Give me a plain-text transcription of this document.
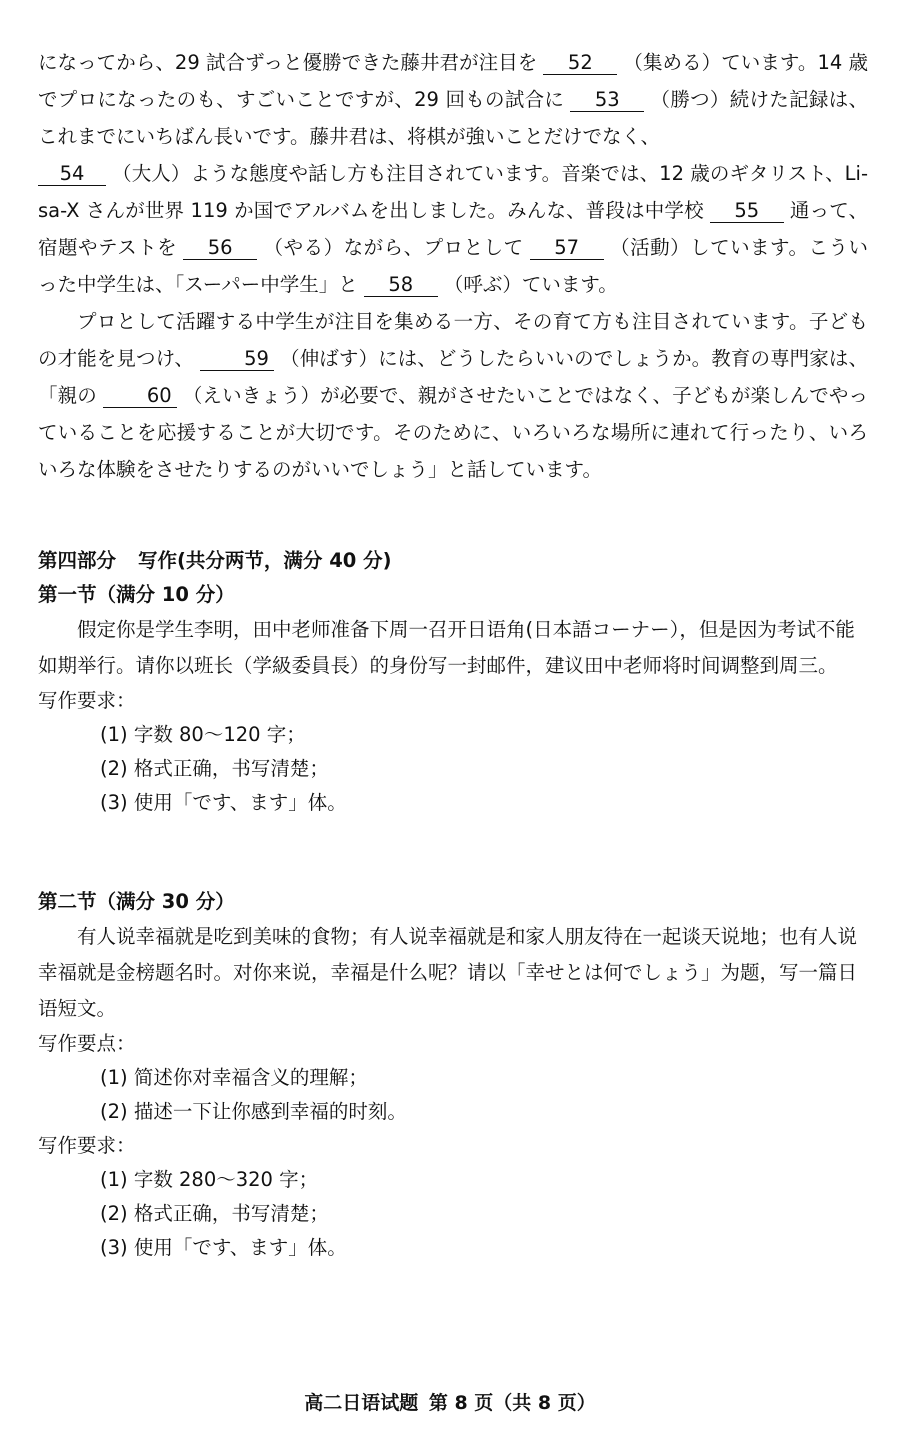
になってから、29 試合ずっと優勝できた藤井君が注目を 52 （集める）ています。14 歳でプロになったのも、すごいことですが、29 回もの試合に 53 （勝つ）続けた記録は、これまでにいちばん長いです。藤井君は、将棋が強いことだけでなく、
54 （大人）ような態度や話し方も注目されています。音楽では、12 歳のギタリスト、Li-sa-X さんが世界 119 か国でアルバムを出しました。みんな、普段は中学校 55 通って、宿題やテストを 56 （やる）ながら、プロとして 57 （活動）しています。こういった中学生は、「スーパー中学生」と 58 （呼ぶ）ています。

プロとして活躍する中学生が注目を集める一方、その育て方も注目されています。子どもの才能を見つけ、	59 （伸ばす）には、どうしたらいいのでしょうか。教育の専門家は、「親の	60 （えいきょう）が必要で、親がさせたいことではなく、子どもが楽しんでやっていることを応援することが大切です。そのために、いろいろな場所に連れて行ったり、いろいろな体験をさせたりするのがいいでしょう」と話しています。

第四部分 写作(共分两节，满分 40 分)
第一节（满分 10 分）
假定你是学生李明，田中老师准备下周一召开日语角(日本語コーナー），但是因为考试不能如期举行。请你以班长（学級委員長）的身份写一封邮件，建议田中老师将时间调整到周三。
写作要求：
(1) 字数 80～120 字；
(2) 格式正确，书写清楚；
(3) 使用「です、ます」体。
第二节（满分 30 分）
有人说幸福就是吃到美味的食物；有人说幸福就是和家人朋友待在一起谈天说地；也有人说幸福就是金榜题名时。对你来说，幸福是什么呢？请以「幸せとは何でしょう」为题，写一篇日语短文。
写作要点：
(1) 简述你对幸福含义的理解；
(2) 描述一下让你感到幸福的时刻。
写作要求：
(1) 字数 280～320 字；
(2) 格式正确，书写清楚；
(3) 使用「です、ます」体。
高二日语试题 第 8 页（共 8 页）
